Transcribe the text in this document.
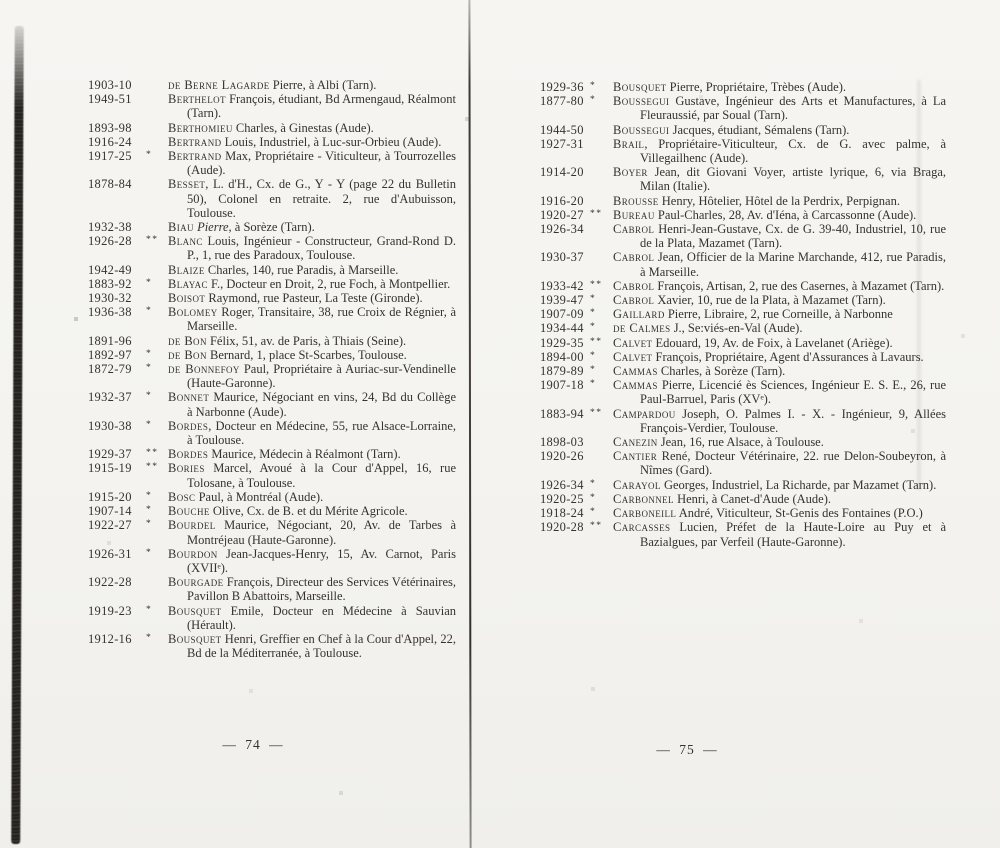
1903-10	de Berne Lagarde Pierre, à Albi (Tarn).
1949-51	Berthelot François, étudiant, Bd Armengaud, Réalmont (Tarn).
1893-98	Berthomieu Charles, à Ginestas (Aude).
1916-24	Bertrand Louis, Industriel, à Luc-sur-Orbieu (Aude).
1917-25	*	Bertrand Max, Propriétaire - Viticulteur, à Tourrozelles (Aude).
1878-84	Besset, L. d'H., Cx. de G., Y - Y (page 22 du Bulletin 50), Colonel en retraite. 2, rue d'Aubuisson, Toulouse.
1932-38	Biau Pierre, à Sorèze (Tarn).
1926-28	** Blanc Louis, Ingénieur - Constructeur, Grand-Rond D. P., 1, rue des Paradoux, Toulouse.
1942-49	Blaize Charles, 140, rue Paradis, à Marseille.
1883-92	*	Blayac F., Docteur en Droit, 2, rue Foch, à Montpellier.
1930-32	Boisot Raymond, rue Pasteur, La Teste (Gironde).
1936-38	*	Bolomey Roger, Transitaire, 38, rue Croix de Régnier, à Marseille.
1891-96	de Bon Félix, 51, av. de Paris, à Thiais (Seine).
1892-97	*	de Bon Bernard, 1, place St-Scarbes, Toulouse.
1872-79	*	de Bonnefoy Paul, Propriétaire à Auriac-sur-Vendinelle (Haute-Garonne).
1932-37	*	Bonnet Maurice, Négociant en vins, 24, Bd du Collège à Narbonne (Aude).
1930-38	*	Bordes, Docteur en Médecine, 55, rue Alsace-Lorraine, à Toulouse.
1929-37	** Bordes Maurice, Médecin à Réalmont (Tarn).
1915-19	** Bories Marcel, Avoué à la Cour d'Appel, 16, rue Tolosane, à Toulouse.
1915-20	*	Bosc Paul, à Montréal (Aude).
1907-14	*	Bouche Olive, Cx. de B. et du Mérite Agricole.
1922-27	*	Bourdel Maurice, Négociant, 20, Av. de Tarbes à Montréjeau (Haute-Garonne).
1926-31	*	Bourdon Jean-Jacques-Henry, 15, Av. Carnot, Paris (XVIIᵉ).
1922-28	Bourgade François, Directeur des Services Vétérinaires, Pavillon B Abattoirs, Marseille.
1919-23	*	Bousquet Emile, Docteur en Médecine à Sauvian (Hérault).
1912-16	*	Bousquet Henri, Greffier en Chef à la Cour d'Appel, 22, Bd de la Méditerranée, à Toulouse.
1929-36 *	Bousquet Pierre, Propriétaire, Trèbes (Aude).
1877-80 *	Boussegui Gustave, Ingénieur des Arts et Manufactures, à La Fleuraussié, par Soual (Tarn).
1944-50	Boussegui Jacques, étudiant, Sémalens (Tarn).
1927-31	Brail, Propriétaire-Viticulteur, Cx. de G. avec palme, à Villegailhenc (Aude).
1914-20	Boyer Jean, dit Giovani Voyer, artiste lyrique, 6, via Braga, Milan (Italie).
1916-20	Brousse Henry, Hôtelier, Hôtel de la Perdrix, Perpignan.
1920-27 ** Bureau Paul-Charles, 28, Av. d'Iéna, à Carcassonne (Aude).
1926-34	Cabrol Henri-Jean-Gustave, Cx. de G. 39-40, Industriel, 10, rue de la Plata, Mazamet (Tarn).
1930-37	Cabrol Jean, Officier de la Marine Marchande, 412, rue Paradis, à Marseille.
1933-42 ** Cabrol François, Artisan, 2, rue des Casernes, à Mazamet (Tarn).
1939-47 *	Cabrol Xavier, 10, rue de la Plata, à Mazamet (Tarn).
1907-09 *	Gaillard Pierre, Libraire, 2, rue Corneille, à Narbonne
1934-44 *	de Calmes J., Se:viés-en-Val (Aude).
1929-35 ** Calvet Edouard, 19, Av. de Foix, à Lavelanet (Ariège).
1894-00 *	Calvet François, Propriétaire, Agent d'Assurances à Lavaurs.
1879-89 *	Cammas Charles, à Sorèze (Tarn).
1907-18 *	Cammas Pierre, Licencié ès Sciences, Ingénieur E. S. E., 26, rue Paul-Barruel, Paris (XVᵉ).
1883-94 ** Campardou Joseph, O. Palmes I. - X. - Ingénieur, 9, Allées François-Verdier, Toulouse.
1898-03	Canezin Jean, 16, rue Alsace, à Toulouse.
1920-26	Cantier René, Docteur Vétérinaire, 22. rue Delon-Soubeyron, à Nîmes (Gard).
1926-34 *	Carayol Georges, Industriel, La Richarde, par Mazamet (Tarn).
1920-25 *	Carbonnel Henri, à Canet-d'Aude (Aude).
1918-24 *	Carboneill André, Viticulteur, St-Genis des Fontaines (P.O.)
1920-28 ** Carcasses Lucien, Préfet de la Haute-Loire au Puy et à Bazialgues, par Verfeil (Haute-Garonne).
— 74 —	— 75 —
